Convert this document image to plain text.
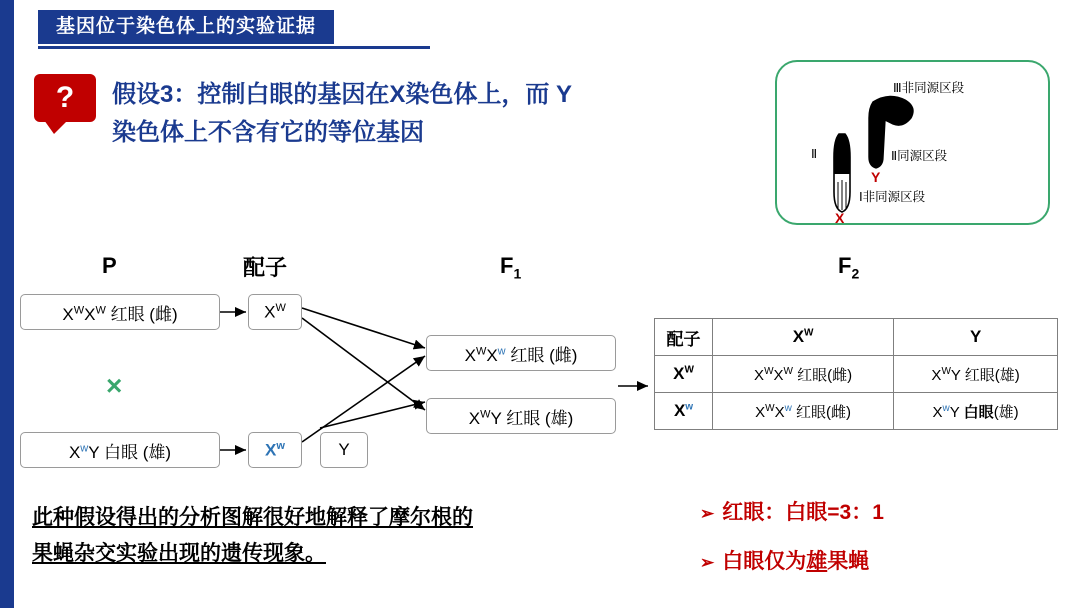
基因位于染色体上的实验证据
?	假设3：控制白眼的基因在X染色体上，而 Y
染色体上不含有它的等位基因
Ⅲ非同源区段
Ⅱ	Ⅱ同源区段
Ⅰ非同源区段
X
Y
P	配子	$F_1$	$F_2$
$X^WX^W$ 红眼 (雌)
×
$X^wY$ 白眼 (雄)
$X^W$
$X^w$	Y
$X^WX^w$ 红眼 (雌)
$X^WY$ 红眼 (雄)
配子	$X^W$	Y
$X^W$	$X^WX^W$ 红眼(雌)	$X^WY$ 红眼(雄)
$X^w$	$X^WX^w$ 红眼(雌)	$X^wY$ 白眼(雄)
此种假设得出的分析图解很好地解释了摩尔根的
果蝇杂交实验出现的遗传现象。
➢ 红眼：白眼=3：1
➢ 白眼仅为雄果蝇
